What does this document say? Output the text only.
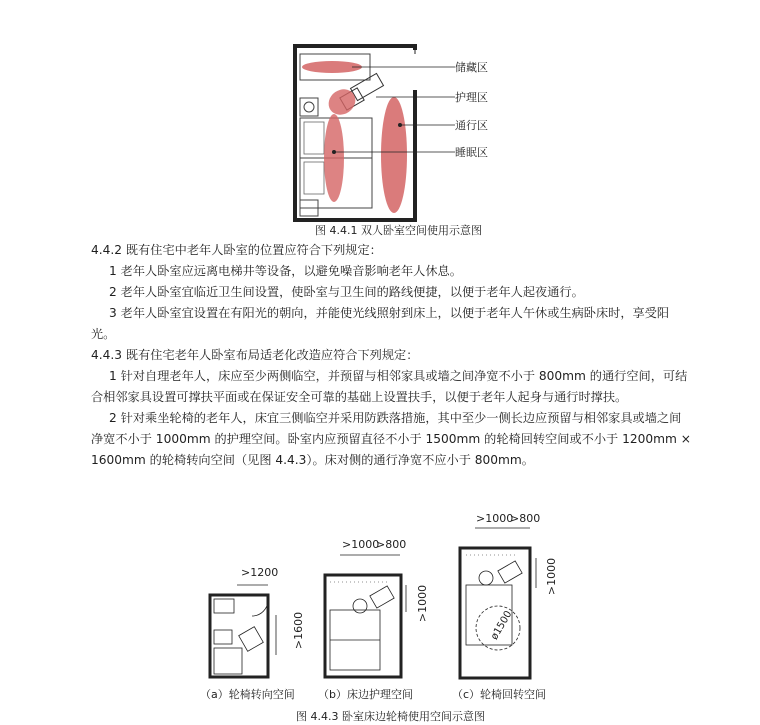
储藏区
护理区
通行区
睡眠区
图 4.4.1 双人卧室空间使用示意图

4.4.2 既有住宅中老年人卧室的位置应符合下列规定：

1 老年人卧室应远离电梯井等设备，以避免噪音影响老年人休息。

2 老年人卧室宜临近卫生间设置，使卧室与卫生间的路线便捷，以便于老年人起夜通行。

3 老年人卧室宜设置在有阳光的朝向，并能使光线照射到床上，以便于老年人午休或生病卧床时，享受阳光。

4.4.3 既有住宅老年人卧室布局适老化改造应符合下列规定：

1 针对自理老年人，床应至少两侧临空，并预留与相邻家具或墙之间净宽不小于 800mm 的通行空间，可结合相邻家具设置可撑扶平面或在保证安全可靠的基础上设置扶手，以便于老年人起身与通行时撑扶。

2 针对乘坐轮椅的老年人，床宜三侧临空并采用防跌落措施，其中至少一侧长边应预留与相邻家具或墙之间净宽不小于 1000mm 的护理空间。卧室内应预留直径不小于 1500mm 的轮椅回转空间或不小于 1200mm × 1600mm 的轮椅转向空间（见图 4.4.3）。床对侧的通行净宽不应小于 800mm。

>1200
>1600
>1000
>800
>1000
>1000
>800
>1000
ø1500
（a）轮椅转向空间 （b）床边护理空间	（c）轮椅回转空间
图 4.4.3 卧室床边轮椅使用空间示意图
